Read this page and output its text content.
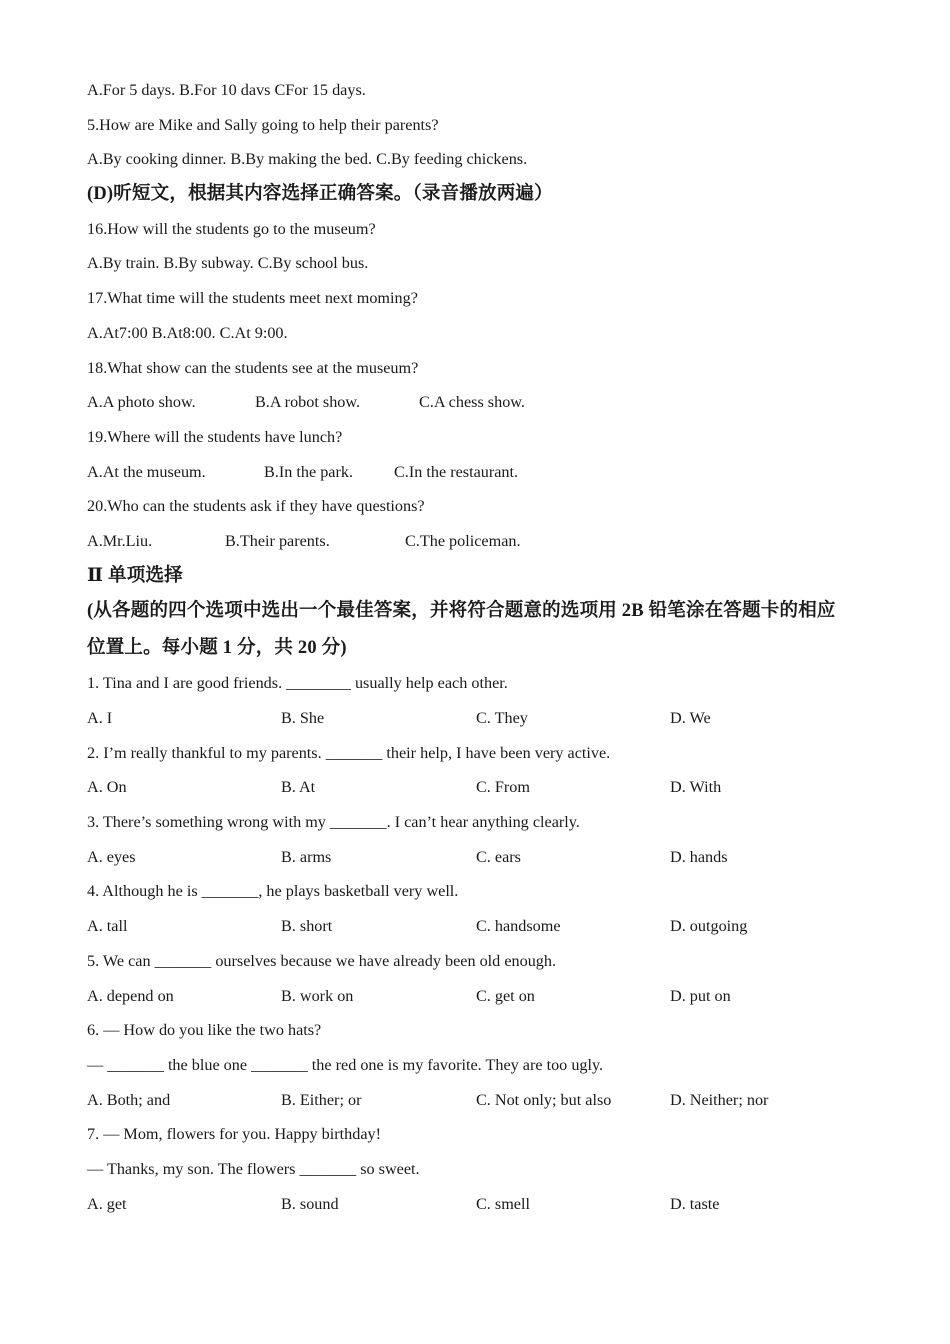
A.For 5 days. B.For 10 davs CFor 15 days.
5.How are Mike and Sally going to help their parents?
A.By cooking dinner. B.By making the bed. C.By feeding chickens.
(D)听短文，根据其内容选择正确答案。（录音播放两遍）
16.How will the students go to the museum?
A.By train. B.By subway. C.By school bus.
17.What time will the students meet next moming?
A.At7:00 B.At8:00. C.At 9:00.
18.What show can the students see at the museum?
A.A photo show.	B.A robot show.	C.A chess show.
19.Where will the students have lunch?
A.At the museum.	B.In the park.	C.In the restaurant.
20.Who can the students ask if they have questions?
A.Mr.Liu.	B.Their parents.	C.The policeman.
Ⅱ 单项选择
(从各题的四个选项中选出一个最佳答案，并将符合题意的选项用 2B 铅笔涂在答题卡的相应
位置上。每小题 1 分，共 20 分)
1. Tina and I are good friends. ________ usually help each other.
A. I	B. She	C. They	D. We
2. I’m really thankful to my parents. _______ their help, I have been very active.
A. On	B. At	C. From	D. With
3. There’s something wrong with my _______. I can’t hear anything clearly.
A. eyes	B. arms	C. ears	D. hands
4. Although he is _______, he plays basketball very well.
A. tall	B. short	C. handsome	D. outgoing
5. We can _______ ourselves because we have already been old enough.
A. depend on	B. work on	C. get on	D. put on
6. — How do you like the two hats?
— _______ the blue one _______ the red one is my favorite. They are too ugly.
A. Both; and	B. Either; or	C. Not only; but also	D. Neither; nor
7. — Mom, flowers for you. Happy birthday!
— Thanks, my son. The flowers _______ so sweet.
A. get	B. sound	C. smell	D. taste
